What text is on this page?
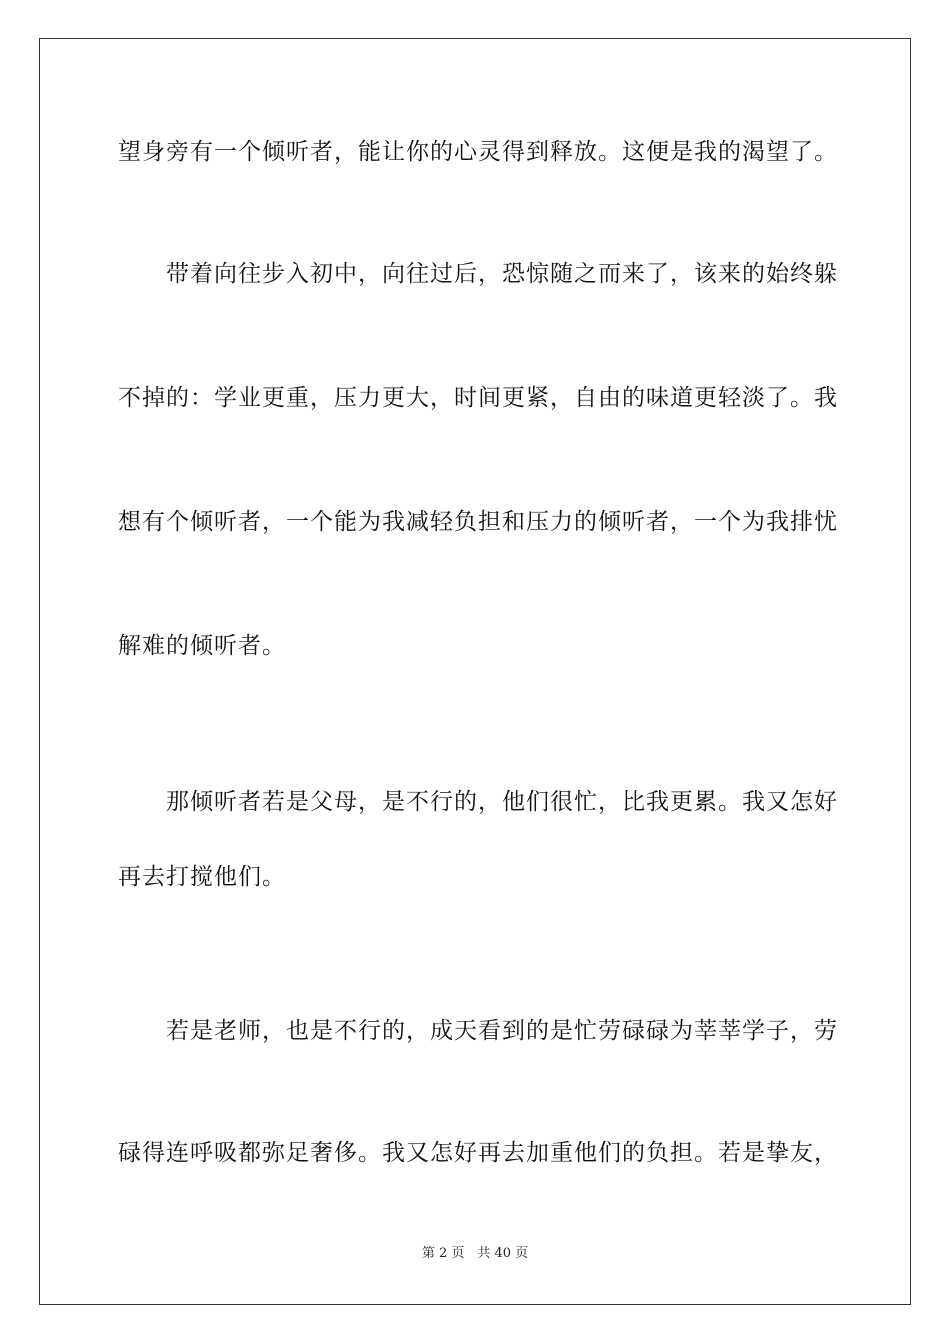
望身旁有一个倾听者，能让你的心灵得到释放。这便是我的渴望了。
带着向往步入初中，向往过后，恐惊随之而来了，该来的始终躲
不掉的：学业更重，压力更大，时间更紧，自由的味道更轻淡了。我
想有个倾听者，一个能为我减轻负担和压力的倾听者，一个为我排忧
解难的倾听者。
那倾听者若是父母，是不行的，他们很忙，比我更累。我又怎好
再去打搅他们。
若是老师，也是不行的，成天看到的是忙劳碌碌为莘莘学子，劳
碌得连呼吸都弥足奢侈。我又怎好再去加重他们的负担。若是挚友，
第 2 页　共 40 页
